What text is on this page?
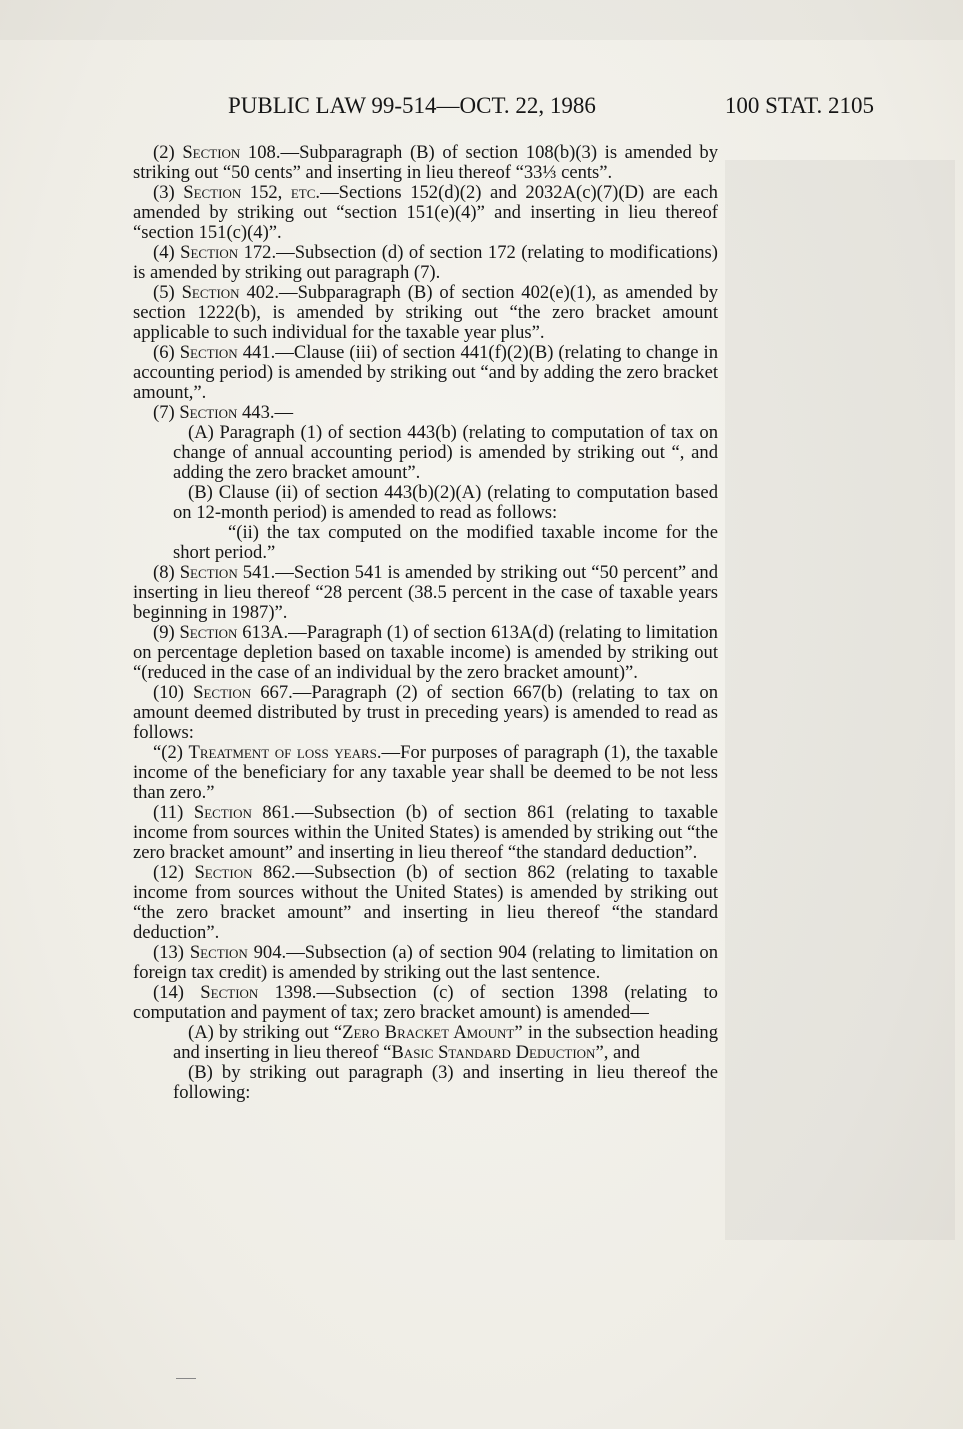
PUBLIC LAW 99-514—OCT. 22, 1986	100 STAT. 2105

(2) Section 108.—Subparagraph (B) of section 108(b)(3) is amended by striking out “50 cents” and inserting in lieu thereof “33⅓ cents”.

(3) Section 152, etc.—Sections 152(d)(2) and 2032A(c)(7)(D) are each amended by striking out “section 151(e)(4)” and inserting in lieu thereof “section 151(c)(4)”.

(4) Section 172.—Subsection (d) of section 172 (relating to modifications) is amended by striking out paragraph (7).

(5) Section 402.—Subparagraph (B) of section 402(e)(1), as amended by section 1222(b), is amended by striking out “the zero bracket amount applicable to such individual for the taxable year plus”.

(6) Section 441.—Clause (iii) of section 441(f)(2)(B) (relating to change in accounting period) is amended by striking out “and by adding the zero bracket amount,”.

(7) Section 443.—

(A) Paragraph (1) of section 443(b) (relating to computation of tax on change of annual accounting period) is amended by striking out “, and adding the zero bracket amount”.

(B) Clause (ii) of section 443(b)(2)(A) (relating to computation based on 12-month period) is amended to read as follows:

“(ii) the tax computed on the modified taxable income for the short period.”

(8) Section 541.—Section 541 is amended by striking out “50 percent” and inserting in lieu thereof “28 percent (38.5 percent in the case of taxable years beginning in 1987)”.

(9) Section 613A.—Paragraph (1) of section 613A(d) (relating to limitation on percentage depletion based on taxable income) is amended by striking out “(reduced in the case of an individual by the zero bracket amount)”.

(10) Section 667.—Paragraph (2) of section 667(b) (relating to tax on amount deemed distributed by trust in preceding years) is amended to read as follows:

“(2) Treatment of loss years.—For purposes of paragraph (1), the taxable income of the beneficiary for any taxable year shall be deemed to be not less than zero.”

(11) Section 861.—Subsection (b) of section 861 (relating to taxable income from sources within the United States) is amended by striking out “the zero bracket amount” and inserting in lieu thereof “the standard deduction”.

(12) Section 862.—Subsection (b) of section 862 (relating to taxable income from sources without the United States) is amended by striking out “the zero bracket amount” and inserting in lieu thereof “the standard deduction”.

(13) Section 904.—Subsection (a) of section 904 (relating to limitation on foreign tax credit) is amended by striking out the last sentence.

(14) Section 1398.—Subsection (c) of section 1398 (relating to computation and payment of tax; zero bracket amount) is amended—

(A) by striking out “Zero Bracket Amount” in the subsection heading and inserting in lieu thereof “Basic Standard Deduction”, and

(B) by striking out paragraph (3) and inserting in lieu thereof the following:
